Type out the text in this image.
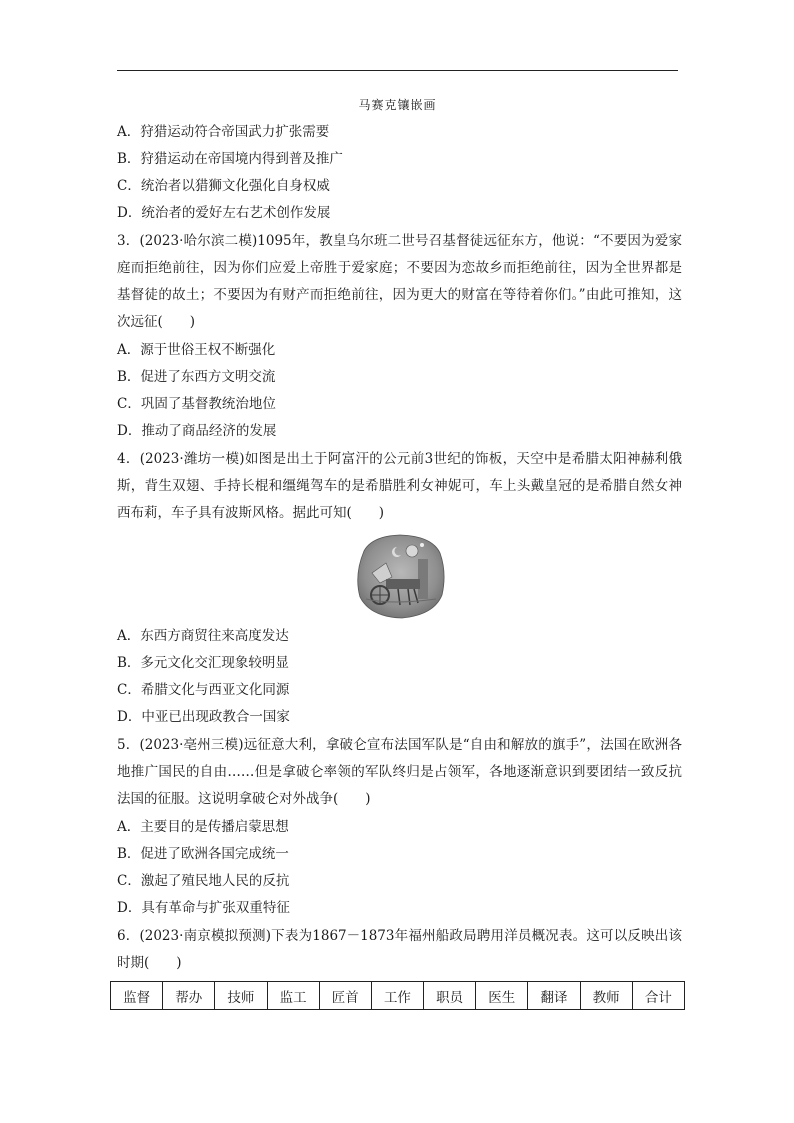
马赛克镶嵌画
A．狩猎运动符合帝国武力扩张需要
B．狩猎运动在帝国境内得到普及推广
C．统治者以猎狮文化强化自身权威
D．统治者的爱好左右艺术创作发展
3．(2023·哈尔滨二模)1095年，教皇乌尔班二世号召基督徒远征东方，他说：“不要因为爱家庭而拒绝前往，因为你们应爱上帝胜于爱家庭；不要因为恋故乡而拒绝前往，因为全世界都是基督徒的故土；不要因为有财产而拒绝前往，因为更大的财富在等待着你们。”由此可推知，这次远征(　　)
A．源于世俗王权不断强化
B．促进了东西方文明交流
C．巩固了基督教统治地位
D．推动了商品经济的发展
4．(2023·潍坊一模)如图是出土于阿富汗的公元前3世纪的饰板，天空中是希腊太阳神赫利俄斯，背生双翅、手持长棍和缰绳驾车的是希腊胜利女神妮可，车上头戴皇冠的是希腊自然女神西布莉，车子具有波斯风格。据此可知(　　)
A．东西方商贸往来高度发达
B．多元文化交汇现象较明显
C．希腊文化与西亚文化同源
D．中亚已出现政教合一国家
5．(2023·亳州三模)远征意大利，拿破仑宣布法国军队是“自由和解放的旗手”，法国在欧洲各地推广国民的自由……但是拿破仑率领的军队终归是占领军，各地逐渐意识到要团结一致反抗法国的征服。这说明拿破仑对外战争(　　)
A．主要目的是传播启蒙思想
B．促进了欧洲各国完成统一
C．激起了殖民地人民的反抗
D．具有革命与扩张双重特征
6．(2023·南京模拟预测)下表为1867－1873年福州船政局聘用洋员概况表。这可以反映出该时期(　　)
监督	帮办	技师	监工	匠首	工作	职员	医生	翻译	教师	合计
